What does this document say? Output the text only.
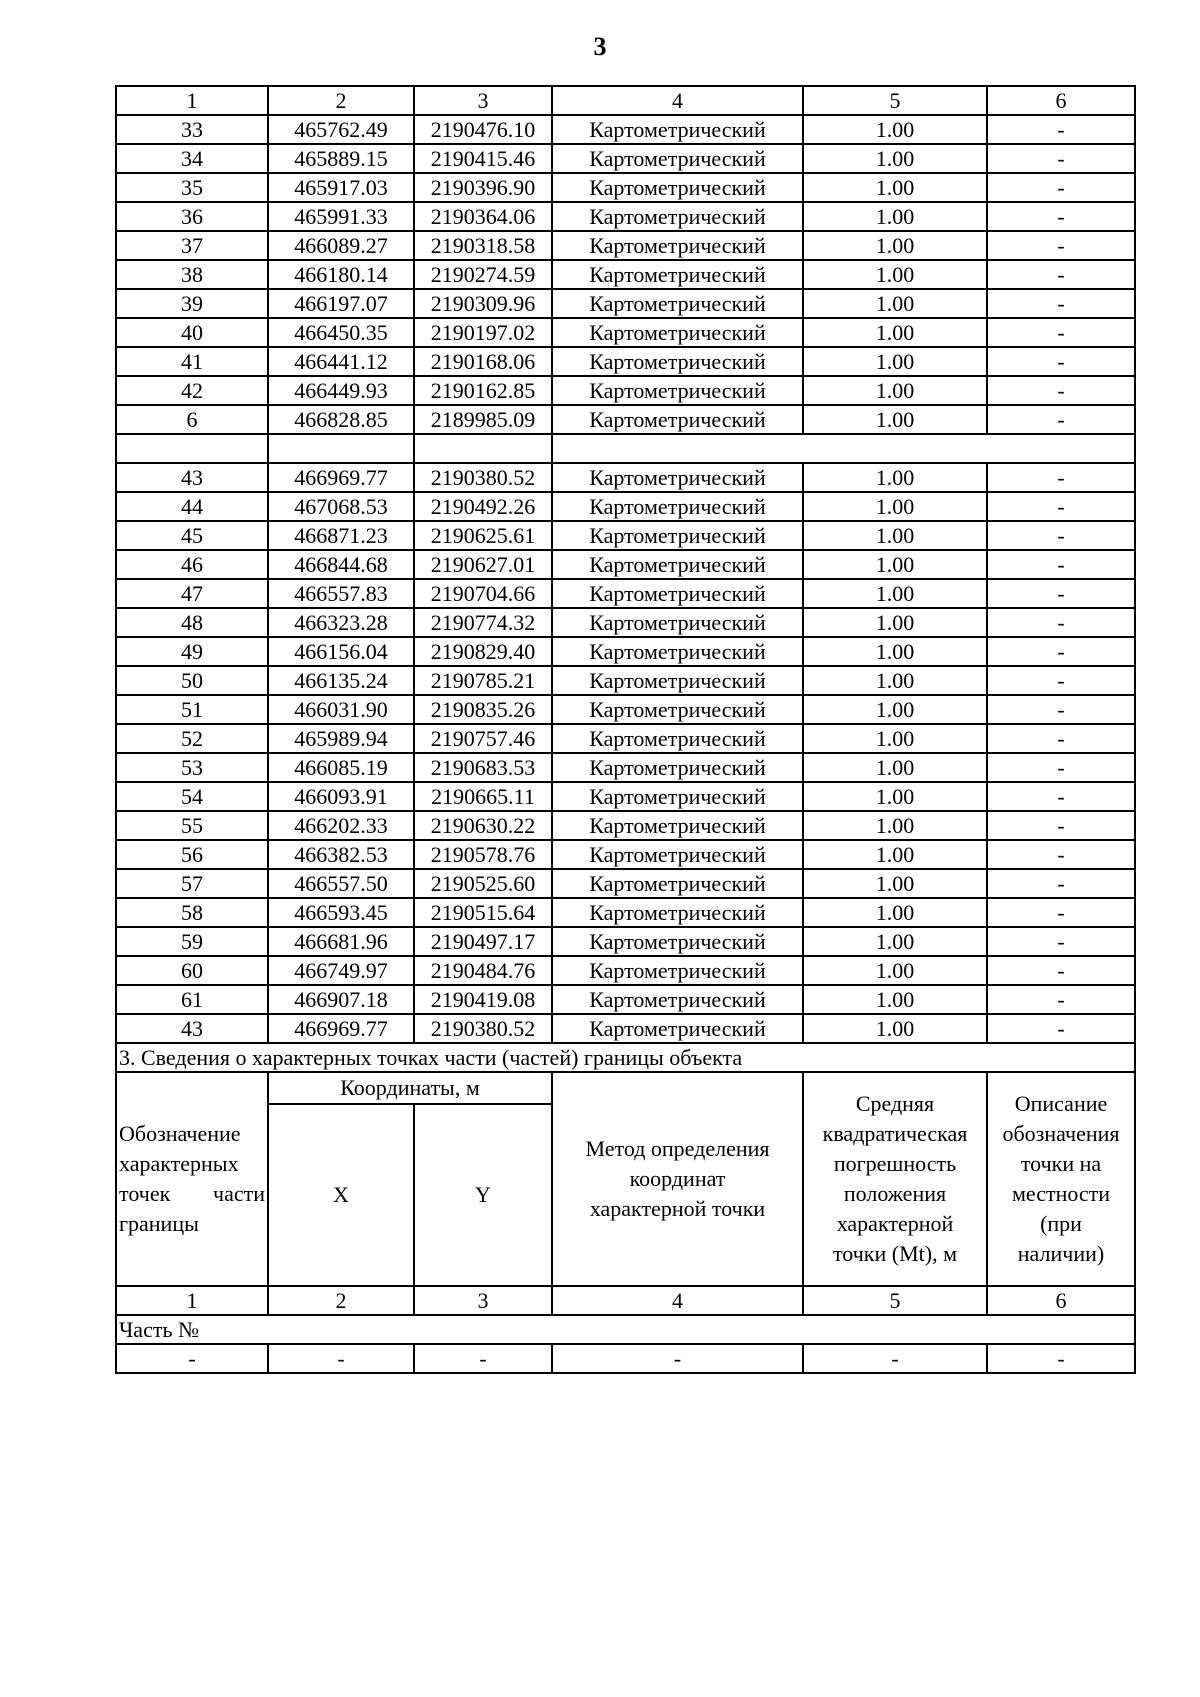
3
1	2	3	4	5	6
33	465762.49	2190476.10	Картометрический	1.00	-
34	465889.15	2190415.46	Картометрический	1.00	-
35	465917.03	2190396.90	Картометрический	1.00	-
36	465991.33	2190364.06	Картометрический	1.00	-
37	466089.27	2190318.58	Картометрический	1.00	-
38	466180.14	2190274.59	Картометрический	1.00	-
39	466197.07	2190309.96	Картометрический	1.00	-
40	466450.35	2190197.02	Картометрический	1.00	-
41	466441.12	2190168.06	Картометрический	1.00	-
42	466449.93	2190162.85	Картометрический	1.00	-
6	466828.85	2189985.09	Картометрический	1.00	-

43	466969.77	2190380.52	Картометрический	1.00	-
44	467068.53	2190492.26	Картометрический	1.00	-
45	466871.23	2190625.61	Картометрический	1.00	-
46	466844.68	2190627.01	Картометрический	1.00	-
47	466557.83	2190704.66	Картометрический	1.00	-
48	466323.28	2190774.32	Картометрический	1.00	-
49	466156.04	2190829.40	Картометрический	1.00	-
50	466135.24	2190785.21	Картометрический	1.00	-
51	466031.90	2190835.26	Картометрический	1.00	-
52	465989.94	2190757.46	Картометрический	1.00	-
53	466085.19	2190683.53	Картометрический	1.00	-
54	466093.91	2190665.11	Картометрический	1.00	-
55	466202.33	2190630.22	Картометрический	1.00	-
56	466382.53	2190578.76	Картометрический	1.00	-
57	466557.50	2190525.60	Картометрический	1.00	-
58	466593.45	2190515.64	Картометрический	1.00	-
59	466681.96	2190497.17	Картометрический	1.00	-
60	466749.97	2190484.76	Картометрический	1.00	-
61	466907.18	2190419.08	Картометрический	1.00	-
43	466969.77	2190380.52	Картометрический	1.00	-
3. Сведения о характерных точках части (частей) границы объекта					
Обозначение характерных точек части границы	Координаты, м		Метод определения координат характерной точки	Средняя квадратическая погрешность положения характерной точки (Mt), м	Описание обозначения точки на местности (при наличии)
	X	Y			
1	2	3	4	5	6
Часть №					
-	-	-	-	-	-
